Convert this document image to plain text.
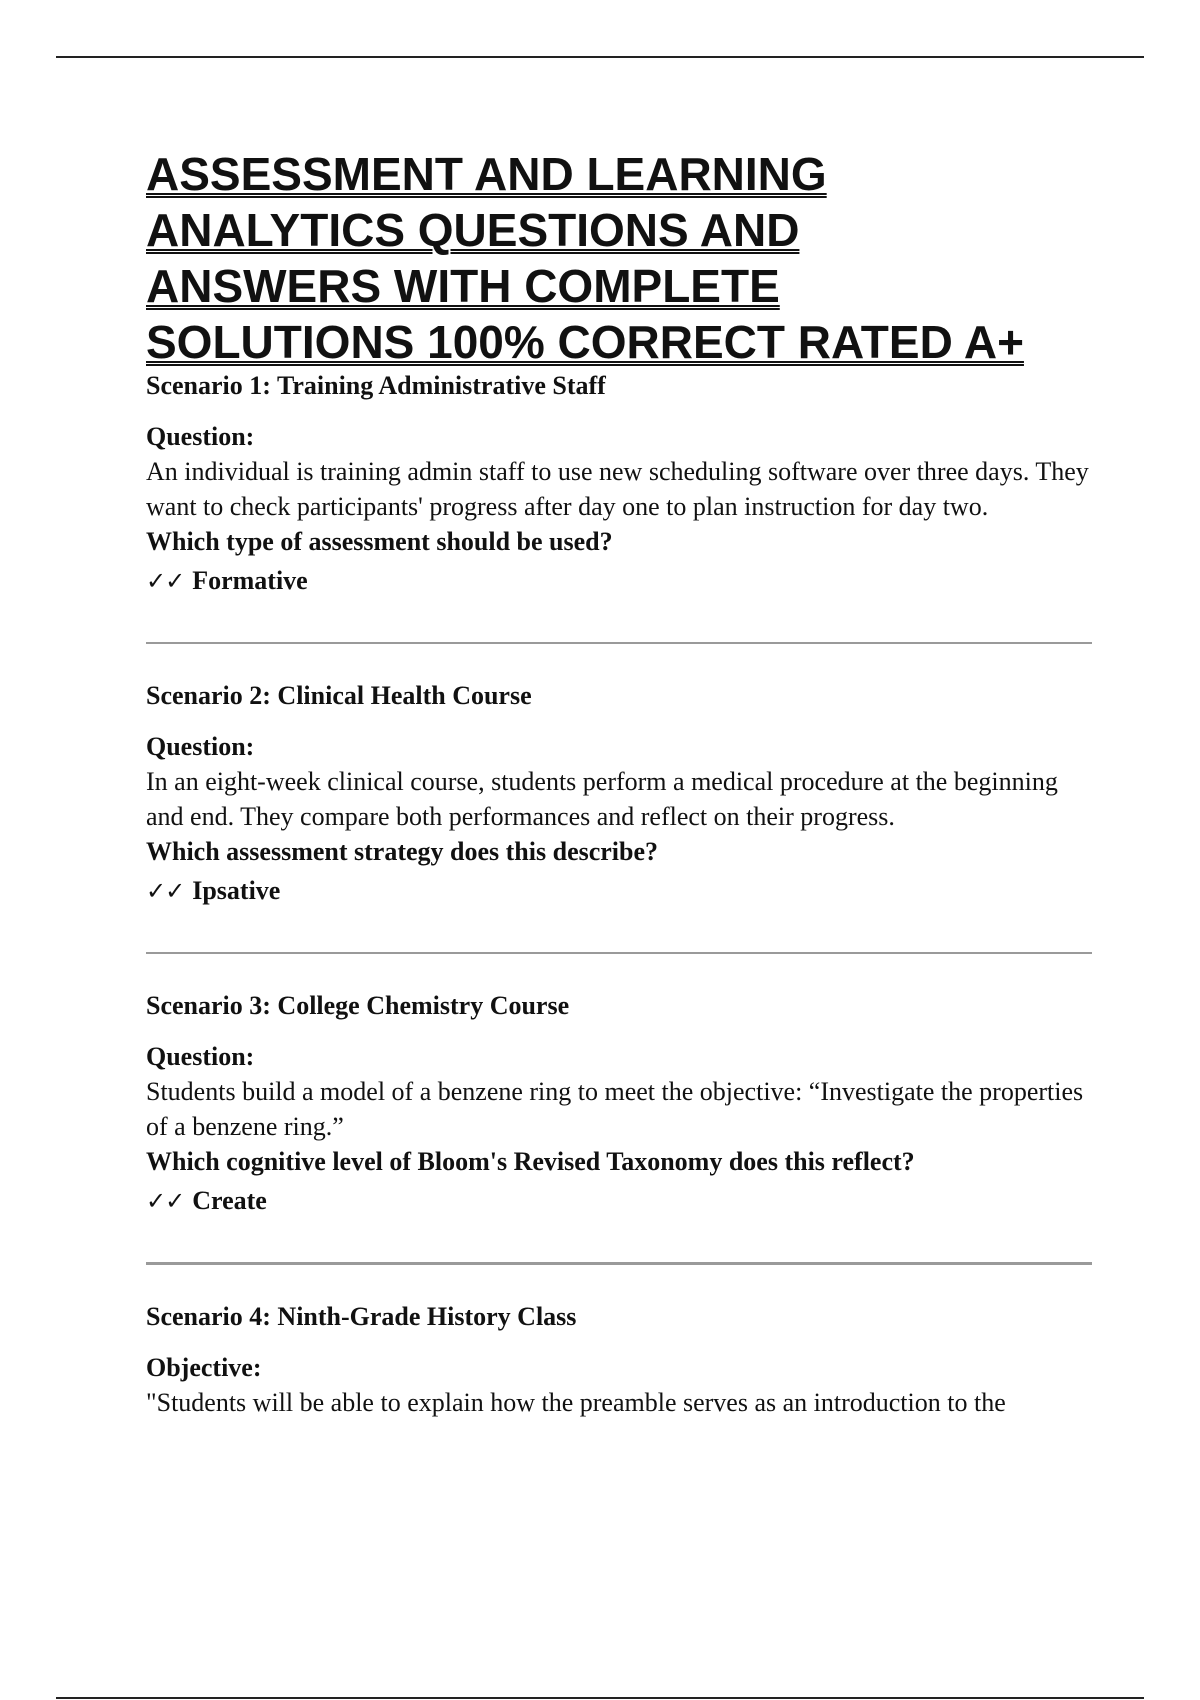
ASSESSMENT AND LEARNING
ANALYTICS QUESTIONS AND
ANSWERS WITH COMPLETE
SOLUTIONS 100% CORRECT RATED A+

Scenario 1: Training Administrative Staff

Question:

An individual is training admin staff to use new scheduling software over three days. They want to check participants' progress after day one to plan instruction for day two.

Which type of assessment should be used?

✓✓ Formative

Scenario 2: Clinical Health Course

Question:

In an eight-week clinical course, students perform a medical procedure at the beginning and end. They compare both performances and reflect on their progress.

Which assessment strategy does this describe?

✓✓ Ipsative

Scenario 3: College Chemistry Course

Question:

Students build a model of a benzene ring to meet the objective: “Investigate the properties of a benzene ring.”

Which cognitive level of Bloom's Revised Taxonomy does this reflect?

✓✓ Create

Scenario 4: Ninth-Grade History Class

Objective:

"Students will be able to explain how the preamble serves as an introduction to the
